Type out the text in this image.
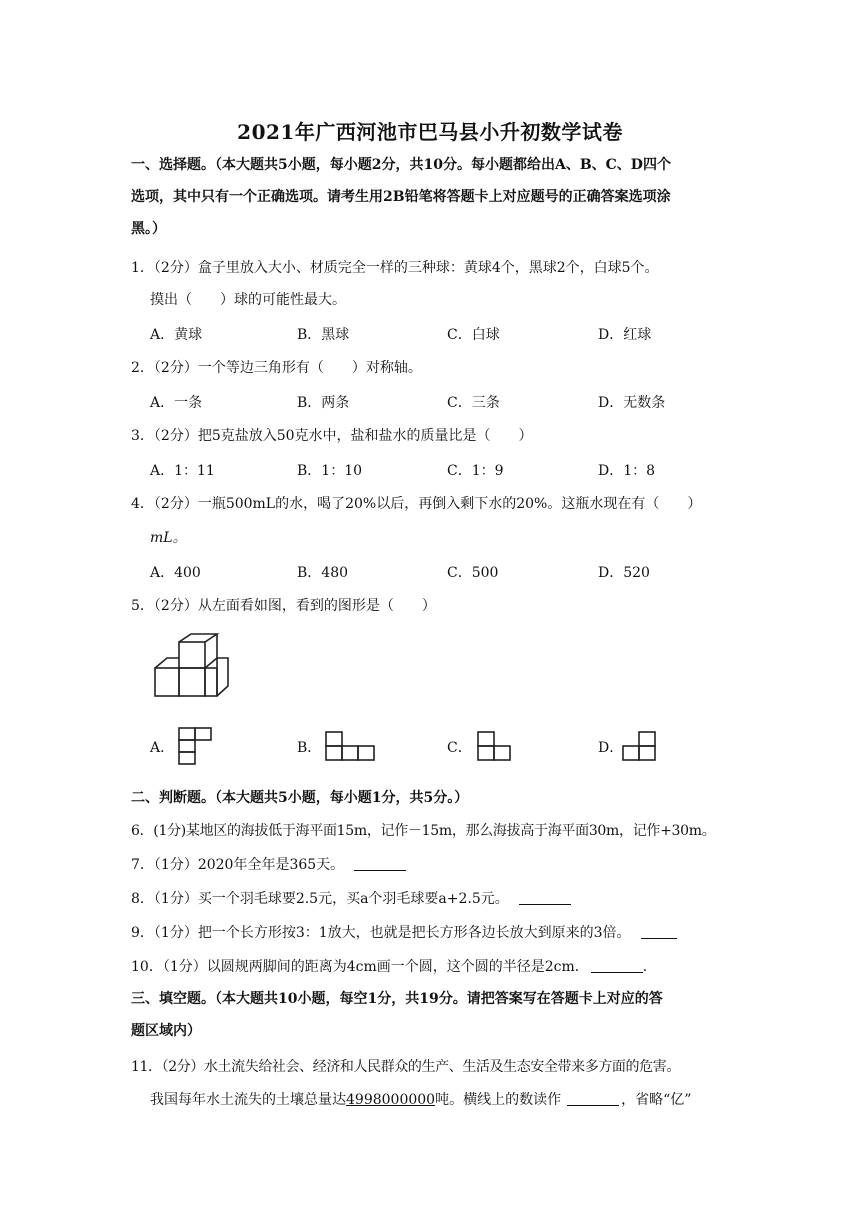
2021年广西河池市巴马县小升初数学试卷
一、选择题。（本大题共5小题，每小题2分，共10分。每小题都给出A、B、C、D四个
选项，其中只有一个正确选项。请考生用2B铅笔将答题卡上对应题号的正确答案选项涂
黑。）
1．（2分）盒子里放入大小、材质完全一样的三种球：黄球4个，黑球2个，白球5个。
摸出（　　）球的可能性最大。
A．黄球	B．黑球	C．白球	D．红球
2．（2分）一个等边三角形有（　　）对称轴。
A．一条	B．两条	C．三条	D．无数条
3．（2分）把5克盐放入50克水中，盐和盐水的质量比是（　　）
A．1：11	B．1：10	C．1：9	D．1：8
4．（2分）一瓶500mL的水，喝了20%以后，再倒入剩下水的20%。这瓶水现在有（　　）
mL。
A．400	B．480	C．500	D．520
5．（2分）从左面看如图，看到的图形是（　　）
A．	B．	C．	D．
二、判断题。（本大题共5小题，每小题1分，共5分。）
6．(1分)某地区的海拔低于海平面15m，记作－15m，那么海拔高于海平面30m，记作+30m。
7．（1分）2020年全年是365天。
8．（1分）买一个羽毛球要2.5元，买a个羽毛球要a+2.5元。
9．（1分）把一个长方形按3：1放大，也就是把长方形各边长放大到原来的3倍。
10．（1分）以圆规两脚间的距离为4cm画一个圆，这个圆的半径是2cm．	.
三、填空题。（本大题共10小题，每空1分，共19分。请把答案写在答题卡上对应的答
题区域内）
11．（2分）水土流失给社会、经济和人民群众的生产、生活及生态安全带来多方面的危害。
我国每年水土流失的土壤总量达4998000000吨。横线上的数读作	，省略“亿”
